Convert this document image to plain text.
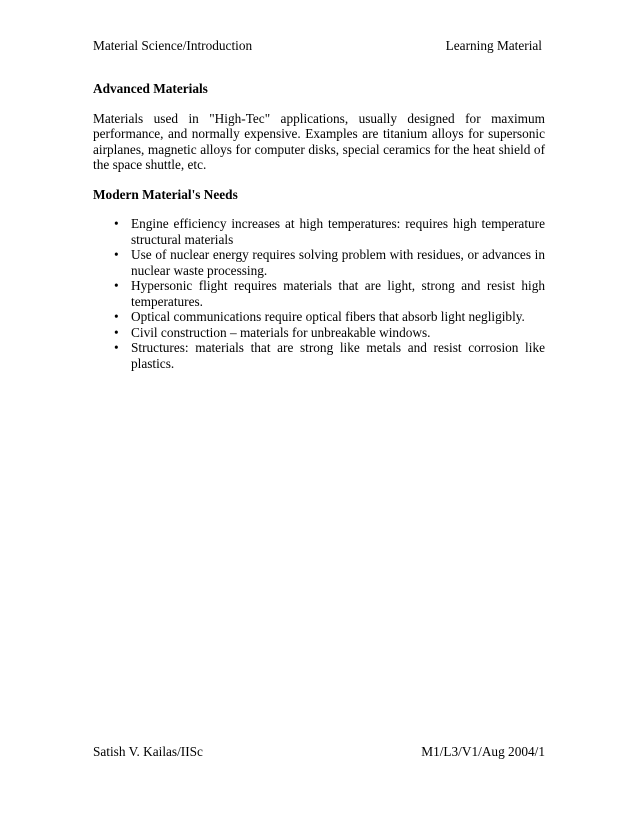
Material Science/Introduction	Learning Material
Advanced Materials
Materials used in "High-Tec" applications, usually designed for maximum performance, and normally expensive. Examples are titanium alloys for supersonic airplanes, magnetic alloys for computer disks, special ceramics for the heat shield of the space shuttle, etc.
Modern Material's Needs
• Engine efficiency increases at high temperatures: requires high temperature structural materials
• Use of nuclear energy requires solving problem with residues, or advances in nuclear waste processing.
• Hypersonic flight requires materials that are light, strong and resist high temperatures.
• Optical communications require optical fibers that absorb light negligibly.
• Civil construction – materials for unbreakable windows.
• Structures: materials that are strong like metals and resist corrosion like plastics.
Satish V. Kailas/IISc	M1/L3/V1/Aug 2004/1
